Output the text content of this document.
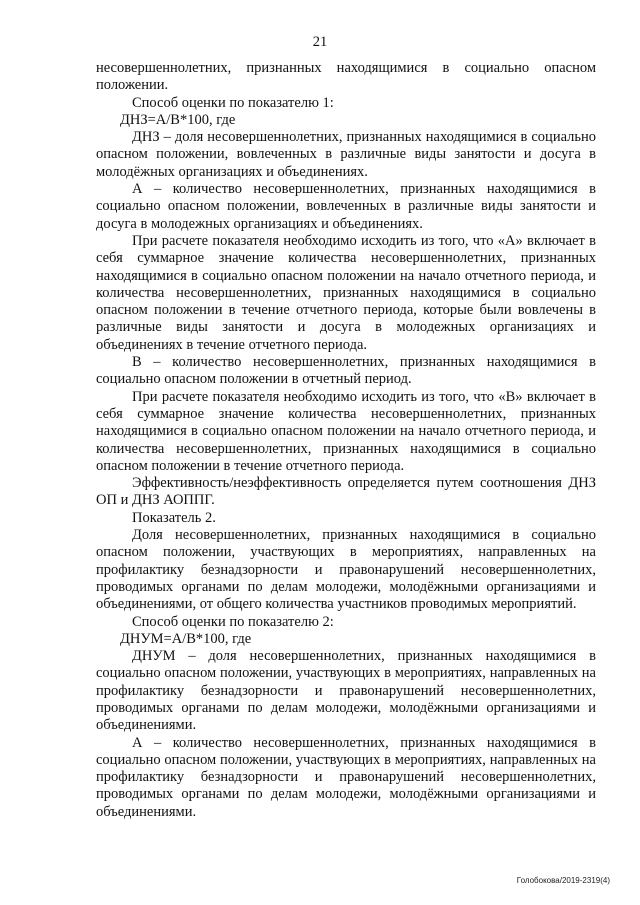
21

несовершеннолетних, признанных находящимися в социально опасном положении.

Способ оценки по показателю 1:

ДНЗ=А/В*100, где

ДНЗ – доля несовершеннолетних, признанных находящимися в социально опасном положении, вовлеченных в различные виды занятости и досуга в молодёжных организациях и объединениях.

А – количество несовершеннолетних, признанных находящимися в социально опасном положении, вовлеченных в различные виды занятости и досуга в молодежных организациях и объединениях.

При расчете показателя необходимо исходить из того, что «А» включает в себя суммарное значение количества несовершеннолетних, признанных находящимися в социально опасном положении на начало отчетного периода, и количества несовершеннолетних, признанных находящимися в социально опасном положении в течение отчетного периода, которые были вовлечены в различные виды занятости и досуга в молодежных организациях и объединениях в течение отчетного периода.

В – количество несовершеннолетних, признанных находящимися в социально опасном положении в отчетный период.

При расчете показателя необходимо исходить из того, что «В» включает в себя суммарное значение количества несовершеннолетних, признанных находящимися в социально опасном положении на начало отчетного периода, и количества несовершеннолетних, признанных находящимися в социально опасном положении в течение отчетного периода.

Эффективность/неэффективность определяется путем соотношения ДНЗ ОП и ДНЗ АОППГ.

Показатель 2.

Доля несовершеннолетних, признанных находящимися в социально опасном положении, участвующих в мероприятиях, направленных на профилактику безнадзорности и правонарушений несовершеннолетних, проводимых органами по делам молодежи, молодёжными организациями и объединениями, от общего количества участников проводимых мероприятий.

Способ оценки по показателю 2:

ДНУМ=А/В*100, где

ДНУМ – доля несовершеннолетних, признанных находящимися в социально опасном положении, участвующих в мероприятиях, направленных на профилактику безнадзорности и правонарушений несовершеннолетних, проводимых органами по делам молодежи, молодёжными организациями и объединениями.

А – количество несовершеннолетних, признанных находящимися в социально опасном положении, участвующих в мероприятиях, направленных на профилактику безнадзорности и правонарушений несовершеннолетних, проводимых органами по делам молодежи, молодёжными организациями и объединениями.

Голобокова/2019-2319(4)
